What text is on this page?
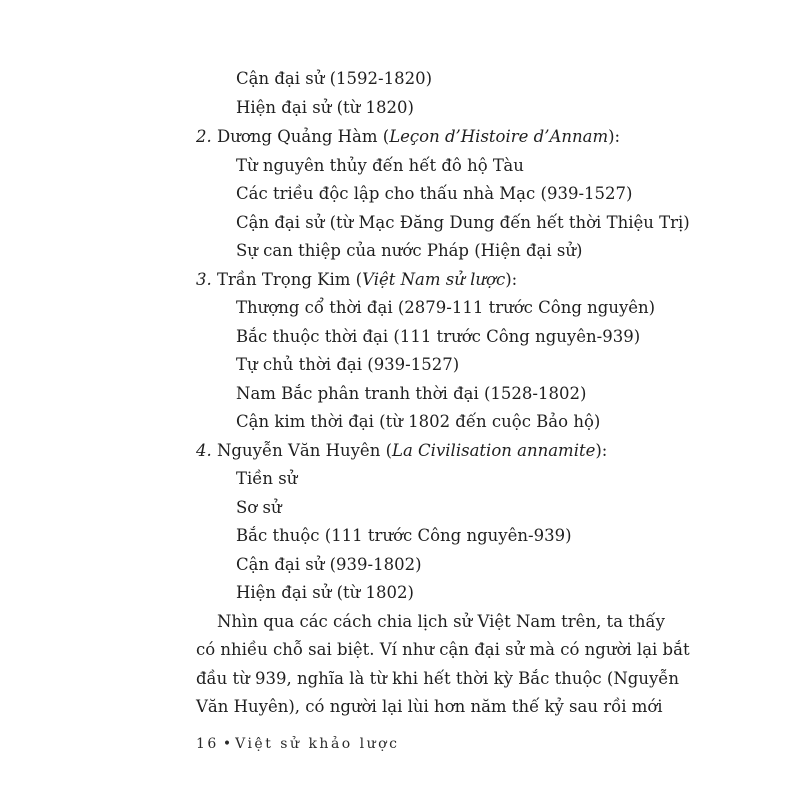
Cận đại sử (1592-1820)
Hiện đại sử (từ 1820)
2. Dương Quảng Hàm (Leçon d’Histoire d’Annam):
Từ nguyên thủy đến hết đô hộ Tàu
Các triều độc lập cho thấu nhà Mạc (939-1527)
Cận đại sử (từ Mạc Đăng Dung đến hết thời Thiệu Trị)
Sự can thiệp của nước Pháp (Hiện đại sử)
3. Trần Trọng Kim (Việt Nam sử lược):
Thượng cổ thời đại (2879-111 trước Công nguyên)
Bắc thuộc thời đại (111 trước Công nguyên-939)
Tự chủ thời đại (939-1527)
Nam Bắc phân tranh thời đại (1528-1802)
Cận kim thời đại (từ 1802 đến cuộc Bảo hộ)
4. Nguyễn Văn Huyên (La Civilisation annamite):
Tiền sử
Sơ sử
Bắc thuộc (111 trước Công nguyên-939)
Cận đại sử (939-1802)
Hiện đại sử (từ 1802)
Nhìn qua các cách chia lịch sử Việt Nam trên, ta thấy
có nhiều chỗ sai biệt. Ví như cận đại sử mà có người lại bắt
đầu từ 939, nghĩa là từ khi hết thời kỳ Bắc thuộc (Nguyễn
Văn Huyên), có người lại lùi hơn năm thế kỷ sau rồi mới
16 • Việt sử khảo lược
